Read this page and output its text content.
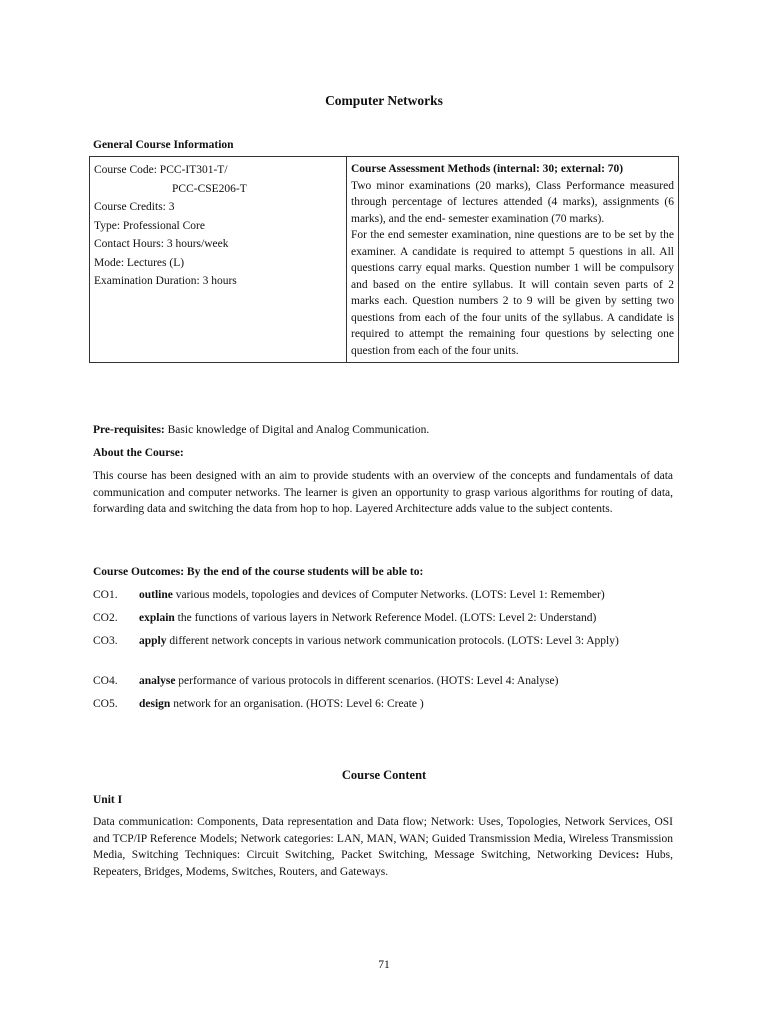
Computer Networks
General Course Information
Course Code: PCC-IT301-T/
PCC-CSE206-T
Course Credits: 3
Type: Professional Core
Contact Hours: 3 hours/week
Mode: Lectures (L)
Examination Duration: 3 hours

Course Assessment Methods (internal: 30; external: 70)
Two minor examinations (20 marks), Class Performance measured through percentage of lectures attended (4 marks), assignments (6 marks), and the end- semester examination (70 marks).
For the end semester examination, nine questions are to be set by the examiner. A candidate is required to attempt 5 questions in all. All questions carry equal marks. Question number 1 will be compulsory and based on the entire syllabus. It will contain seven parts of 2 marks each. Question numbers 2 to 9 will be given by setting two questions from each of the four units of the syllabus. A candidate is required to attempt the remaining four questions by selecting one question from each of the four units.
Pre-requisites: Basic knowledge of Digital and Analog Communication.
About the Course:
This course has been designed with an aim to provide students with an overview of the concepts and fundamentals of data communication and computer networks. The learner is given an opportunity to grasp various algorithms for routing of data, forwarding data and switching the data from hop to hop. Layered Architecture adds value to the subject contents.
Course Outcomes: By the end of the course students will be able to:
CO1.	outline various models, topologies and devices of Computer Networks. (LOTS: Level 1: Remember)
CO2.	explain the functions of various layers in Network Reference Model. (LOTS: Level 2: Understand)
CO3.	apply different network concepts in various network communication protocols. (LOTS: Level 3: Apply)
CO4.	analyse performance of various protocols in different scenarios. (HOTS: Level 4: Analyse)
CO5.	design network for an organisation. (HOTS: Level 6: Create )
Course Content
Unit I
Data communication: Components, Data representation and Data flow; Network: Uses, Topologies, Network Services, OSI and TCP/IP Reference Models; Network categories: LAN, MAN, WAN; Guided Transmission Media, Wireless Transmission Media, Switching Techniques: Circuit Switching, Packet Switching, Message Switching, Networking Devices: Hubs, Repeaters, Bridges, Modems, Switches, Routers, and Gateways.
71
